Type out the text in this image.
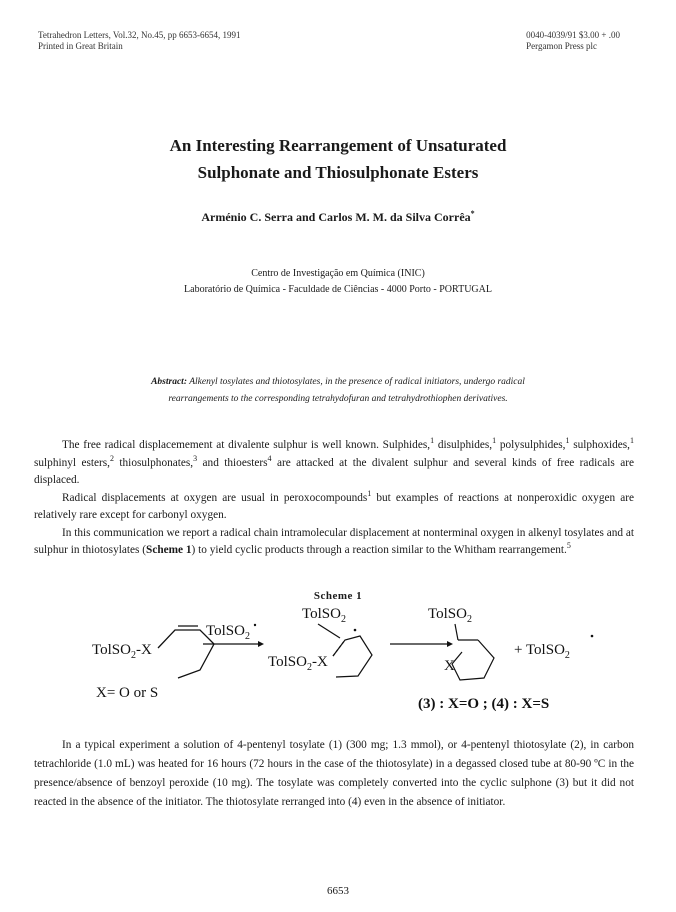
Tetrahedron Letters, Vol.32, No.45, pp 6653-6654, 1991
Printed in Great Britain
0040-4039/91 $3.00 + .00
Pergamon Press plc
An Interesting Rearrangement of Unsaturated
Sulphonate and Thiosulphonate Esters
Arménio C. Serra and Carlos M. M. da Silva Corrêa*
Centro de Investigação em Química (INIC)
Laboratório de Química - Faculdade de Ciências - 4000 Porto - PORTUGAL
Abstract: Alkenyl tosylates and thiotosylates, in the presence of radical initiators, undergo radical
rearrangements to the corresponding tetrahydofuran and tetrahydrothiophen derivatives.

The free radical displacemement at divalente sulphur is well known. Sulphides,$^1$ disulphides,$^1$ polysulphides,$^1$ sulphoxides,$^1$ sulphinyl esters,$^2$ thiosulphonates,$^3$ and thioesters$^4$ are attacked at the divalent sulphur and several kinds of free radicals are displaced.

Radical displacements at oxygen are usual in peroxocompounds$^1$ but examples of reactions at nonperoxidic oxygen are relatively rare except for carbonyl oxygen.

In this communication we report a radical chain intramolecular displacement at nonterminal oxygen in alkenyl tosylates and at sulphur in thiotosylates (Scheme 1) to yield cyclic products through a reaction similar to the Whitham rearrangement.$^5$

Scheme 1
TolSO$_2$-X
X= O or S
TolSO$_2$
TolSO$_2$
TolSO$_2$-X
TolSO$_2$
X
+ TolSO$_2$
(3) : X=O ; (4) : X=S

In a typical experiment a solution of 4-pentenyl tosylate (1) (300 mg; 1.3 mmol), or 4-pentenyl thiotosylate (2), in carbon tetrachloride (1.0 mL) was heated for 16 hours (72 hours in the case of the thiotosylate) in a degassed closed tube at 80-90 ºC in the presence/absence of benzoyl peroxide (10 mg). The tosylate was completely converted into the cyclic sulphone (3) but it did not reacted in the absence of the initiator. The thiotosylate rerranged into (4) even in the absence of initiator.

6653
